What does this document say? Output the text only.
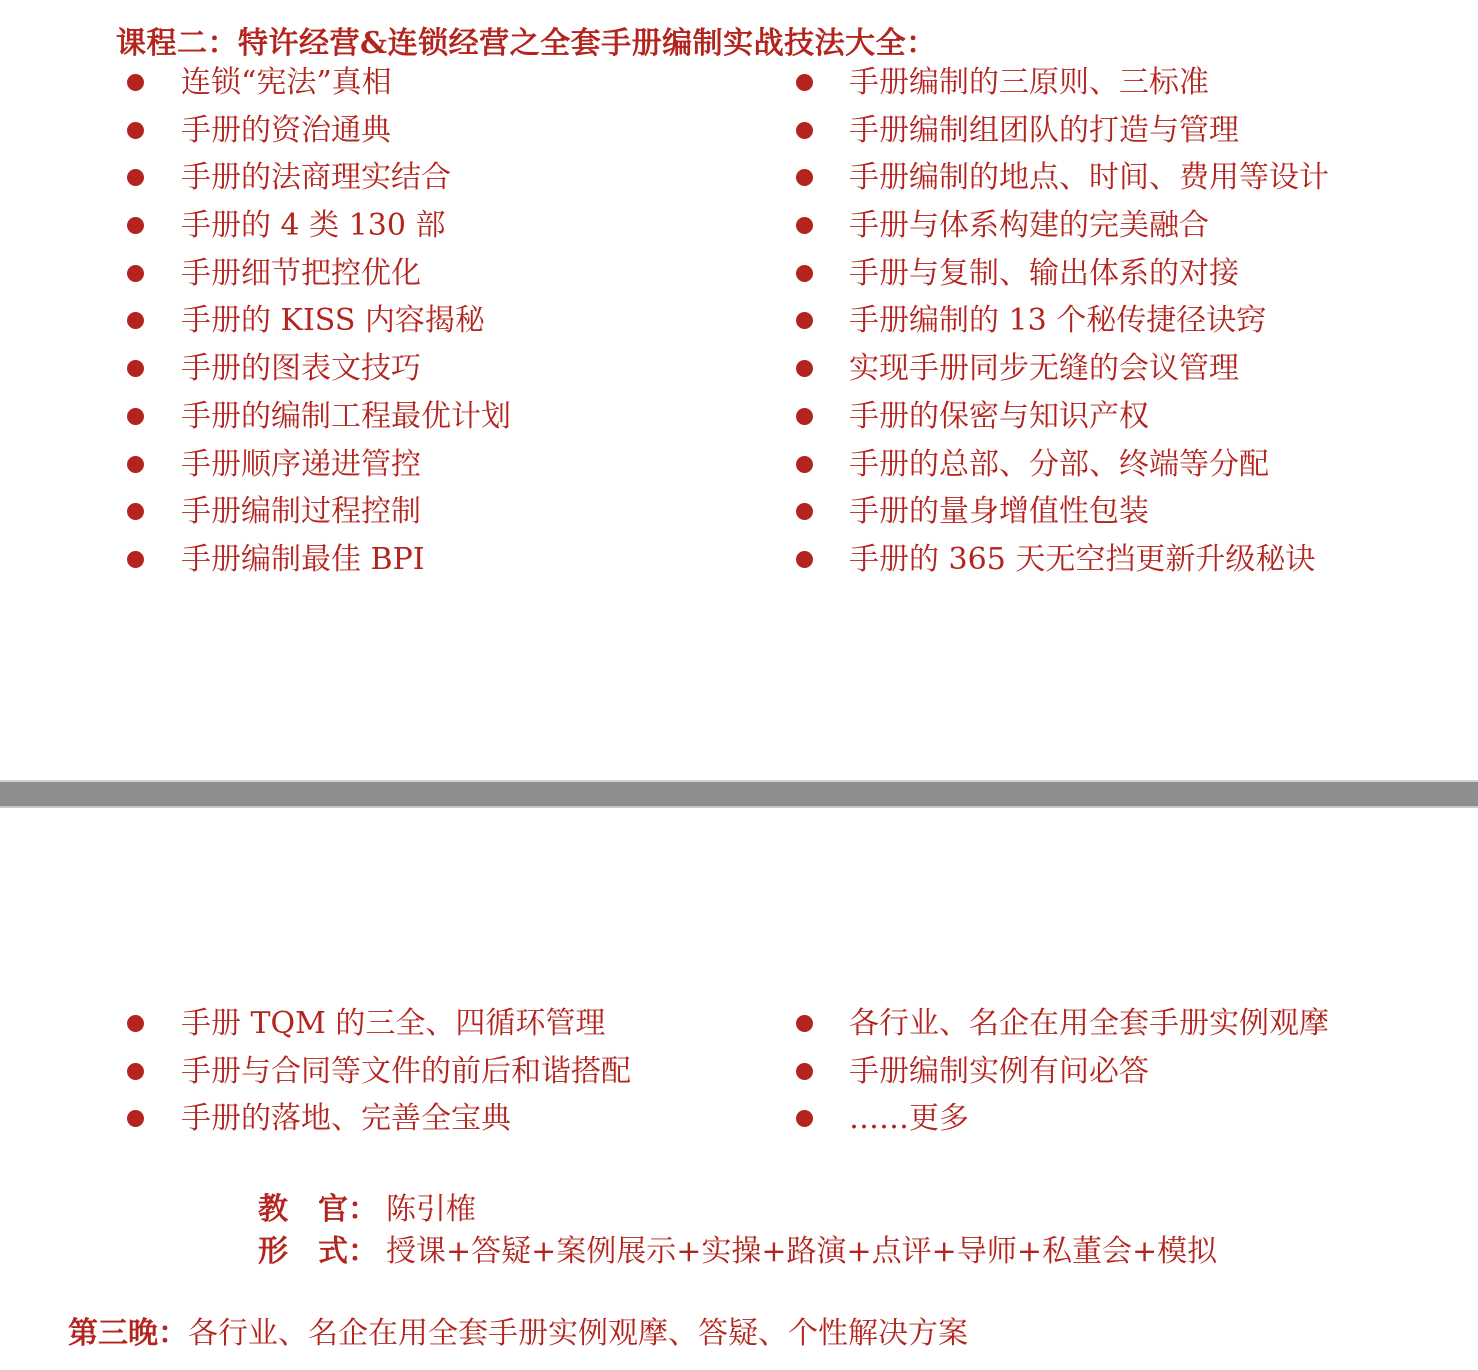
课程二：特许经营&连锁经营之全套手册编制实战技法大全：
连锁“宪法”真相
手册的资治通典
手册的法商理实结合
手册的 4 类 130 部
手册细节把控优化
手册的 KISS 内容揭秘
手册的图表文技巧
手册的编制工程最优计划
手册顺序递进管控
手册编制过程控制
手册编制最佳 BPI
手册编制的三原则、三标准
手册编制组团队的打造与管理
手册编制的地点、时间、费用等设计
手册与体系构建的完美融合
手册与复制、输出体系的对接
手册编制的 13 个秘传捷径诀窍
实现手册同步无缝的会议管理
手册的保密与知识产权
手册的总部、分部、终端等分配
手册的量身增值性包装
手册的 365 天无空挡更新升级秘诀
手册 TQM 的三全、四循环管理
手册与合同等文件的前后和谐搭配
手册的落地、完善全宝典
各行业、名企在用全套手册实例观摩
手册编制实例有问必答
……更多
教　官： 陈引榷
形　式： 授课+答疑+案例展示+实操+路演+点评+导师+私董会+模拟
第三晚：各行业、名企在用全套手册实例观摩、答疑、个性解决方案
